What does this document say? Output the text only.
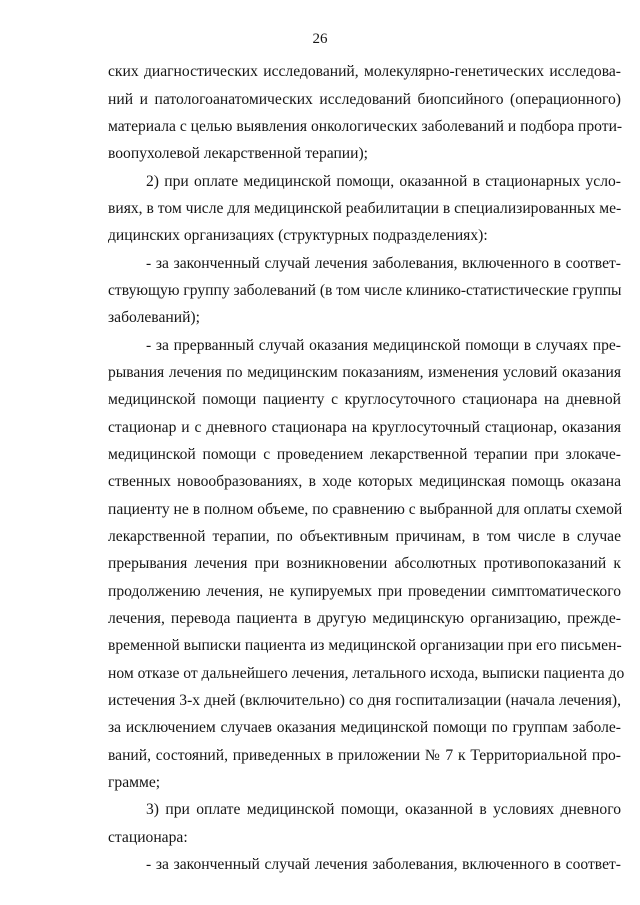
26
ских диагностических исследований, молекулярно-генетических исследова-
ний и патологоанатомических исследований биопсийного (операционного)
материала с целью выявления онкологических заболеваний и подбора проти-
воопухолевой лекарственной терапии);
2) при оплате медицинской помощи, оказанной в стационарных усло-
виях, в том числе для медицинской реабилитации в специализированных ме-
дицинских организациях (структурных подразделениях):
- за законченный случай лечения заболевания, включенного в соответ-
ствующую группу заболеваний (в том числе клинико-статистические группы
заболеваний);
- за прерванный случай оказания медицинской помощи в случаях пре-
рывания лечения по медицинским показаниям, изменения условий оказания
медицинской помощи пациенту с круглосуточного стационара на дневной
стационар и с дневного стационара на круглосуточный стационар, оказания
медицинской помощи с проведением лекарственной терапии при злокаче-
ственных новообразованиях, в ходе которых медицинская помощь оказана
пациенту не в полном объеме, по сравнению с выбранной для оплаты схемой
лекарственной терапии, по объективным причинам, в том числе в случае
прерывания лечения при возникновении абсолютных противопоказаний к
продолжению лечения, не купируемых при проведении симптоматического
лечения, перевода пациента в другую медицинскую организацию, прежде-
временной выписки пациента из медицинской организации при его письмен-
ном отказе от дальнейшего лечения, летального исхода, выписки пациента до
истечения 3-х дней (включительно) со дня госпитализации (начала лечения),
за исключением случаев оказания медицинской помощи по группам заболе-
ваний, состояний, приведенных в приложении № 7 к Территориальной про-
грамме;
3) при оплате медицинской помощи, оказанной в условиях дневного
стационара:
- за законченный случай лечения заболевания, включенного в соответ-
